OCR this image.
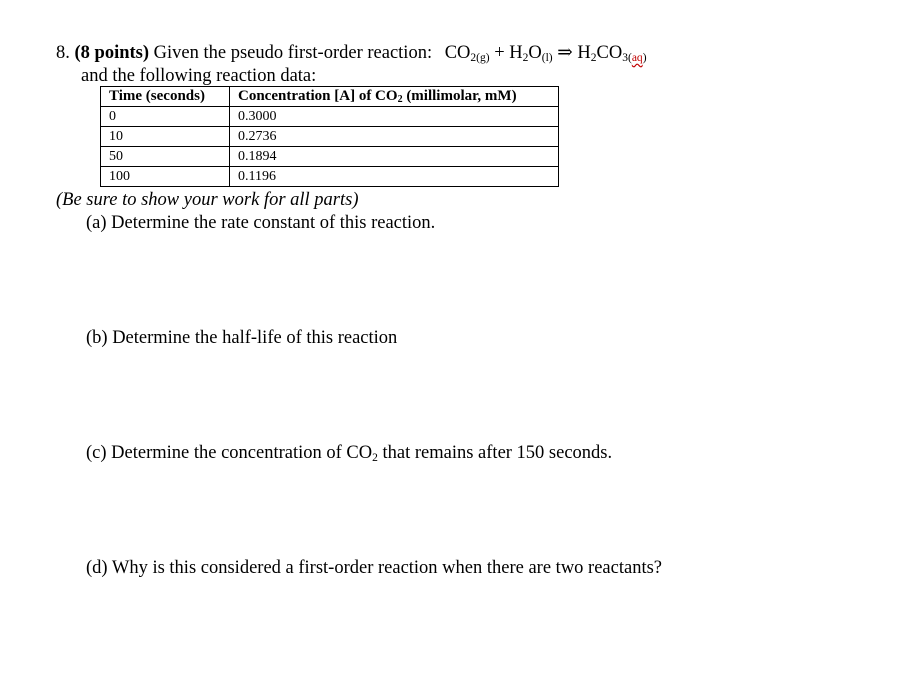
8. (8 points) Given the pseudo first-order reaction: $CO_2(g) + H_2O(l)$ ⇒ $H_2CO_3(aq)$
and the following reaction data:
Time (seconds)	Concentration [A] of $CO_2$ (millimolar, mM)
0	0.3000
10	0.2736
50	0.1894
100	0.1196
(Be sure to show your work for all parts)
(a) Determine the rate constant of this reaction.
(b) Determine the half-life of this reaction
(c) Determine the concentration of $CO_2$ that remains after 150 seconds.
(d) Why is this considered a first-order reaction when there are two reactants?
